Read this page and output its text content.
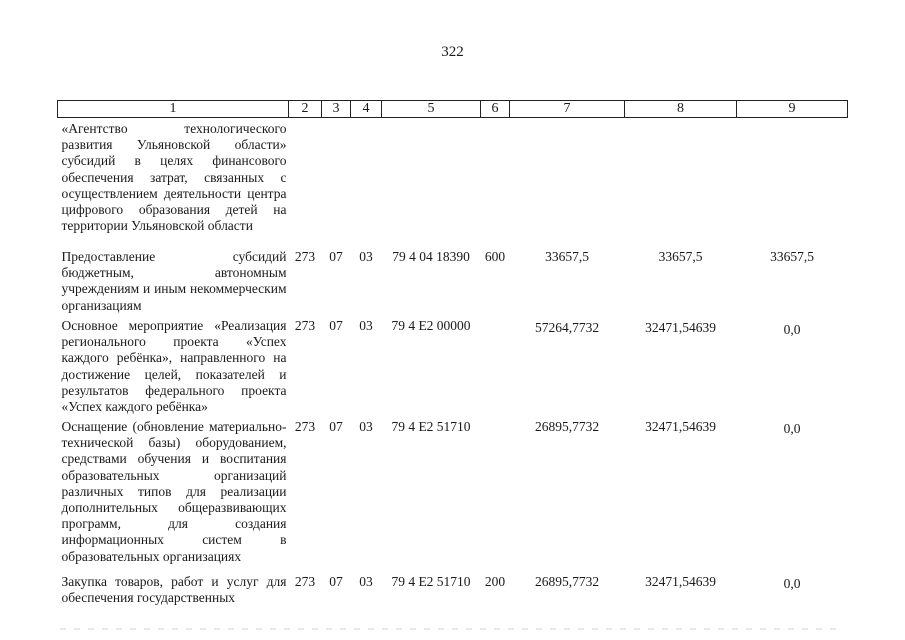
322
1	2	3	4	5	6	7	8	9
«Агентство технологического развития Ульяновской области» субсидий в целях финансового обеспечения затрат, связанных с осуществлением деятельности центра цифрового образования детей на территории Ульяновской области								
Предоставление субсидий бюджетным, автономным учреждениям и иным некоммерческим организациям	273	07	03	79 4 04 18390	600	33657,5	33657,5	33657,5
Основное мероприятие «Реализация регионального проекта «Успех каждого ребёнка», направленного на достижение целей, показателей и результатов федерального проекта «Успех каждого ребёнка»	273	07	03	79 4 E2 00000		57264,7732	32471,54639	0,0
Оснащение (обновление материально-технической базы) оборудованием, средствами обучения и воспитания образовательных организаций различных типов для реализации дополнительных общеразвивающих программ, для создания информационных систем в образовательных организациях	273	07	03	79 4 E2 51710		26895,7732	32471,54639	0,0
Закупка товаров, работ и услуг для обеспечения государственных	273	07	03	79 4 E2 51710	200	26895,7732	32471,54639	0,0
